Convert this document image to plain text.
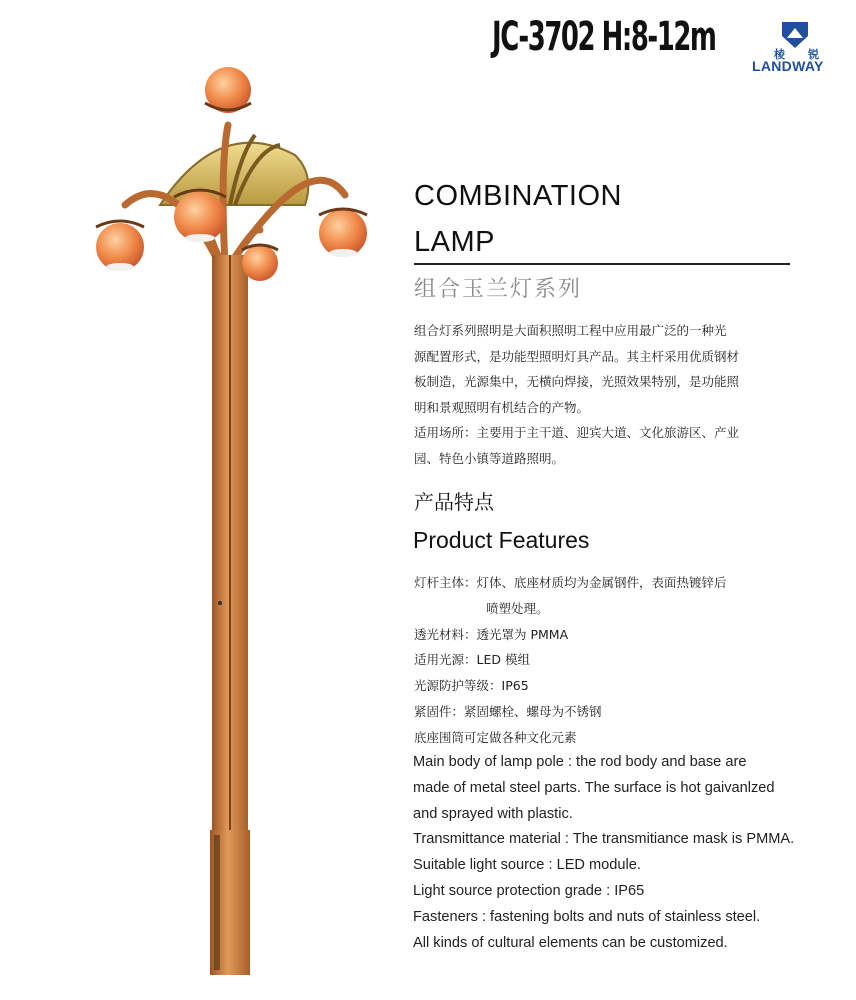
JC-3702 H:8-12m	棱 锐
LANDWAY
COMBINATION
LAMP
组合玉兰灯系列

组合灯系列照明是大面积照明工程中应用最广泛的一种光

源配置形式，是功能型照明灯具产品。其主杆采用优质钢材

板制造，光源集中，无横向焊接，光照效果特别，是功能照

明和景观照明有机结合的产物。

适用场所：主要用于主干道、迎宾大道、文化旅游区、产业

园、特色小镇等道路照明。

产品特点
Product Features
灯杆主体： 灯体、底座材质均为金属钢件，表面热镀锌后
喷塑处理。
透光材料： 透光罩为 PMMA
适用光源： LED 模组
光源防护等级： IP65
紧固件： 紧固螺栓、螺母为不锈钢
底座围筒可定做各种文化元素
Main body of lamp pole : the rod body and base are
made of metal steel parts. The surface is hot gaivanlzed
and sprayed with plastic.
Transmittance material : The transmitiance mask is PMMA.
Suitable light source : LED module.
Light source protection grade : IP65
Fasteners : fastening bolts and nuts of stainless steel.
All kinds of cultural elements can be customized.
